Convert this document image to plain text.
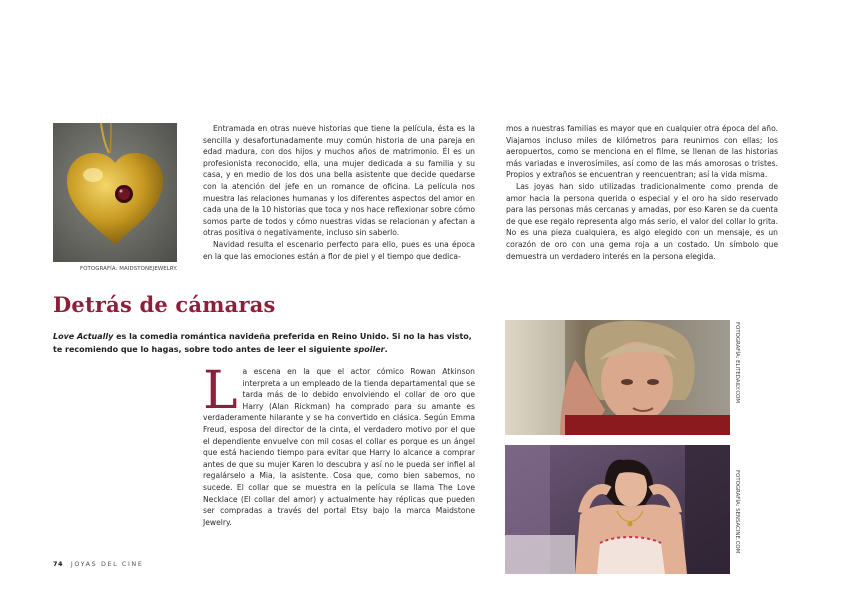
FOTOGRAFÍA: MAIDSTONEJEWELRY.

Entramada en otras nueve historias que tiene la película, ésta es la sencilla y desafortunadamente muy común historia de una pareja en edad madura, con dos hijos y muchos años de matrimonio. Él es un profesionista reconocido, ella, una mujer dedicada a su familia y su casa, y en medio de los dos una bella asistente que decide quedarse con la atención del jefe en un romance de oficina. La película nos muestra las relaciones humanas y los diferentes aspectos del amor en cada una de la 10 historias que toca y nos hace reflexionar sobre cómo somos parte de todos y cómo nuestras vidas se relacionan y afectan a otras positiva o negativamente, incluso sin saberlo.

Navidad resulta el escenario perfecto para ello, pues es una época en la que las emociones están a flor de piel y el tiempo que dedica-

mos a nuestras familias es mayor que en cualquier otra época del año. Viajamos incluso miles de kilómetros para reunirnos con ellas; los aeropuertos, como se menciona en el filme, se llenan de las historias más variadas e inverosímiles, así como de las más amorosas o tristes. Propios y extraños se encuentran y reencuentran; así la vida misma.

Las joyas han sido utilizadas tradicionalmente como prenda de amor hacia la persona querida o especial y el oro ha sido reservado para las personas más cercanas y amadas, por eso Karen se da cuenta de que ese regalo representa algo más serio, el valor del collar lo grita. No es una pieza cualquiera, es algo elegido con un mensaje, es un corazón de oro con una gema roja a un costado. Un símbolo que demuestra un verdadero interés en la persona elegida.

Detrás de cámaras

Love Actually es la comedia romántica navideña preferida en Reino Unido. Si no la has visto, te recomiendo que lo hagas, sobre todo antes de leer el siguiente spoiler.

La escena en la que el actor cómico Rowan Atkinson interpreta a un empleado de la tienda departamental que se tarda más de lo debido envolviendo el collar de oro que Harry (Alan Rickman) ha comprado para su amante es verdaderamente hilarante y se ha convertido en clásica. Según Emma Freud, esposa del director de la cinta, el verdadero motivo por el que el dependiente envuelve con mil cosas el collar es porque es un ángel que está haciendo tiempo para evitar que Harry lo alcance a comprar antes de que su mujer Karen lo descubra y así no le pueda ser infiel al regalárselo a Mia, la asistente. Cosa que, como bien sabemos, no sucede. El collar que se muestra en la película se llama The Love Necklace (El collar del amor) y actualmente hay réplicas que pueden ser compradas a través del portal Etsy bajo la marca Maidstone Jewelry.

FOTOGRAFÍA: ELITEDAILY.COM
FOTOGRAFÍA: SENSACINE.COM
74 JOYAS DEL CINE
